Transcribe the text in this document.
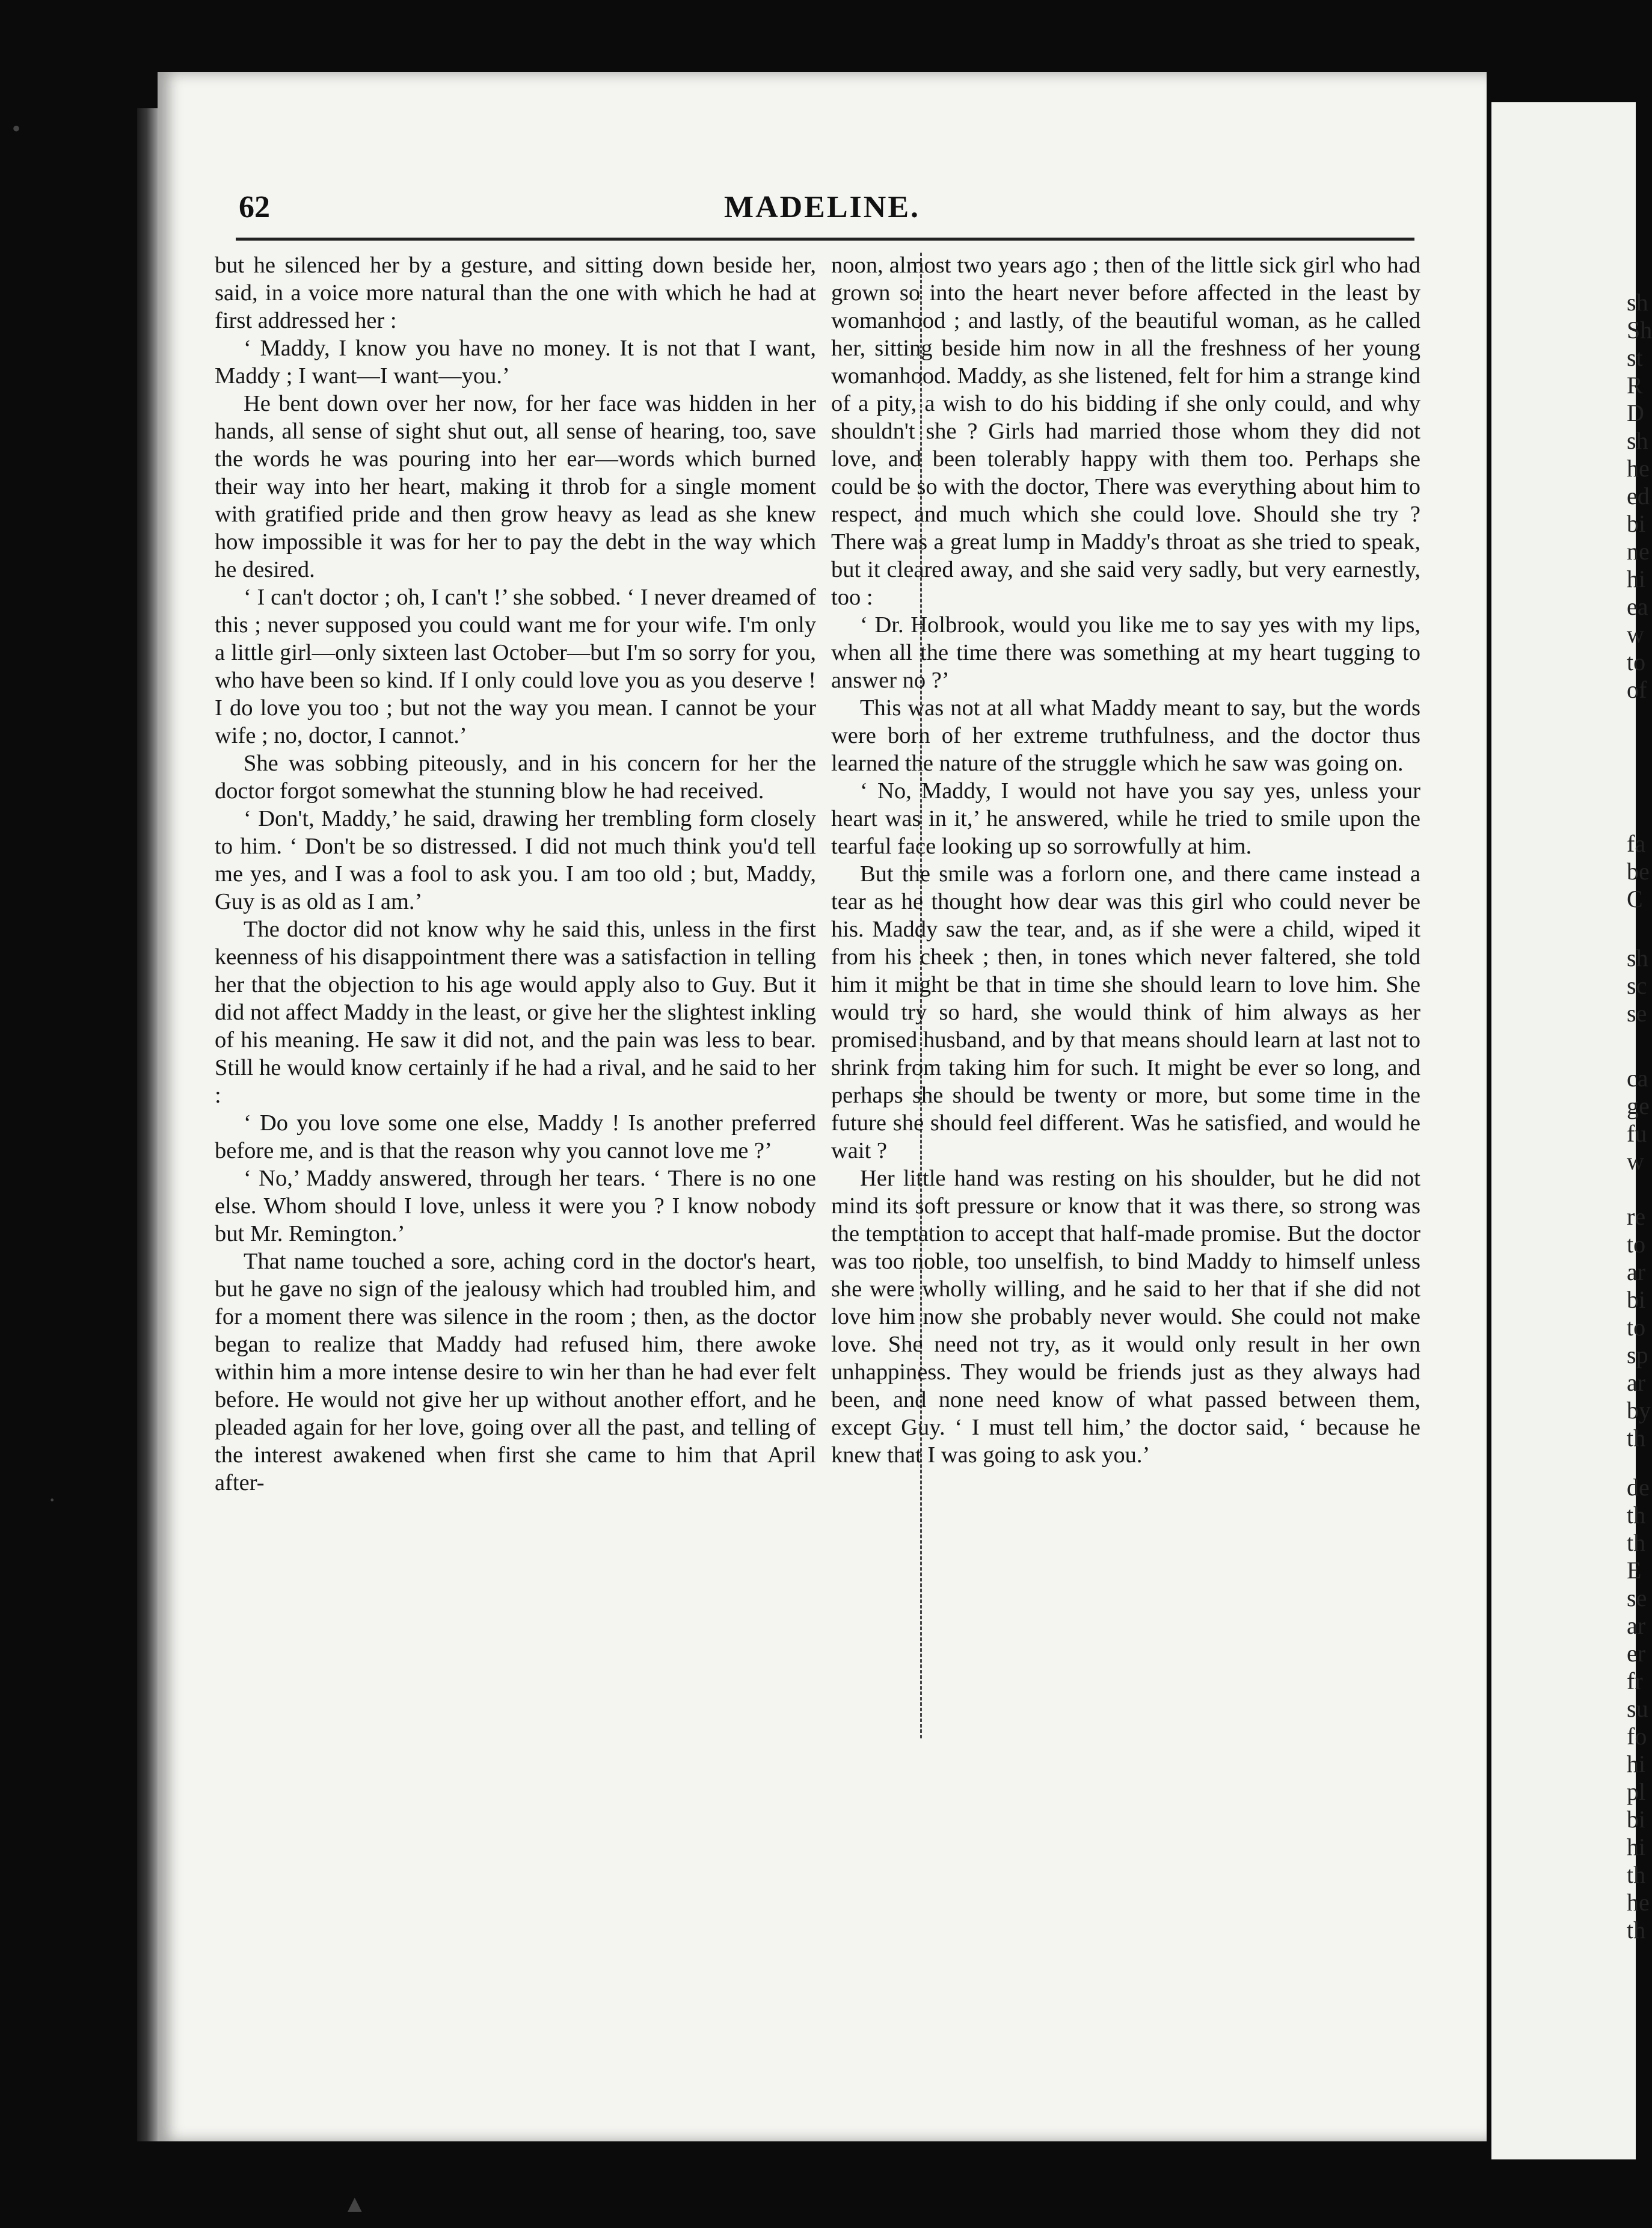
62	MADELINE.

but he silenced her by a gesture, and sitting down beside her, said, in a voice more natural than the one with which he had at first addressed her :

‘ Maddy, I know you have no money. It is not that I want, Maddy ; I want—I want—you.’

He bent down over her now, for her face was hidden in her hands, all sense of sight shut out, all sense of hearing, too, save the words he was pouring into her ear—words which burned their way into her heart, making it throb for a single moment with gratified pride and then grow heavy as lead as she knew how impossible it was for her to pay the debt in the way which he desired.

‘ I can't doctor ; oh, I can't !’ she sobbed. ‘ I never dreamed of this ; never supposed you could want me for your wife. I'm only a little girl—only sixteen last October—but I'm so sorry for you, who have been so kind. If I only could love you as you deserve ! I do love you too ; but not the way you mean. I cannot be your wife ; no, doctor, I cannot.’

She was sobbing piteously, and in his concern for her the doctor forgot somewhat the stunning blow he had received.

‘ Don't, Maddy,’ he said, drawing her trembling form closely to him. ‘ Don't be so distressed. I did not much think you'd tell me yes, and I was a fool to ask you. I am too old ; but, Maddy, Guy is as old as I am.’

The doctor did not know why he said this, unless in the first keenness of his disappointment there was a satisfaction in telling her that the objection to his age would apply also to Guy. But it did not affect Maddy in the least, or give her the slightest inkling of his meaning. He saw it did not, and the pain was less to bear. Still he would know certainly if he had a rival, and he said to her :

‘ Do you love some one else, Maddy ! Is another preferred before me, and is that the reason why you cannot love me ?’

‘ No,’ Maddy answered, through her tears. ‘ There is no one else. Whom should I love, unless it were you ? I know nobody but Mr. Remington.’

That name touched a sore, aching cord in the doctor's heart, but he gave no sign of the jealousy which had troubled him, and for a moment there was silence in the room ; then, as the doctor began to realize that Maddy had refused him, there awoke within him a more intense desire to win her than he had ever felt before. He would not give her up without another effort, and he pleaded again for her love, going over all the past, and telling of the interest awakened when first she came to him that April after-

noon, almost two years ago ; then of the little sick girl who had grown so into the heart never before affected in the least by womanhood ; and lastly, of the beautiful woman, as he called her, sitting beside him now in all the freshness of her young womanhood. Maddy, as she listened, felt for him a strange kind of a pity, a wish to do his bidding if she only could, and why shouldn't she ? Girls had married those whom they did not love, and been tolerably happy with them too. Perhaps she could be so with the doctor, There was everything about him to respect, and much which she could love. Should she try ? There was a great lump in Maddy's throat as she tried to speak, but it cleared away, and she said very sadly, but very earnestly, too :

‘ Dr. Holbrook, would you like me to say yes with my lips, when all the time there was something at my heart tugging to answer no ?’

This was not at all what Maddy meant to say, but the words were born of her extreme truthfulness, and the doctor thus learned the nature of the struggle which he saw was going on.

‘ No, Maddy, I would not have you say yes, unless your heart was in it,’ he answered, while he tried to smile upon the tearful face looking up so sorrowfully at him.

But the smile was a forlorn one, and there came instead a tear as he thought how dear was this girl who could never be his. Maddy saw the tear, and, as if she were a child, wiped it from his cheek ; then, in tones which never faltered, she told him it might be that in time she should learn to love him. She would try so hard, she would think of him always as her promised husband, and by that means should learn at last not to shrink from taking him for such. It might be ever so long, and perhaps she should be twenty or more, but some time in the future she should feel different. Was he satisfied, and would he wait ?

Her little hand was resting on his shoulder, but he did not mind its soft pressure or know that it was there, so strong was the temptation to accept that half-made promise. But the doctor was too noble, too unselfish, to bind Maddy to himself unless she were wholly willing, and he said to her that if she did not love him now she probably never would. She could not make love. She need not try, as it would only result in her own unhappiness. They would be friends just as they always had been, and none need know of what passed between them, except Guy. ‘ I must tell him,’ the doctor said, ‘ because he knew that I was going to ask you.’

sh
Sh
st
R
D
sh
he
ed
bi
ne
hi
ea
w
to
of
fa
be
C
sh
sc
se
ca
ge
fu
w
re
to
ar
bi
to
sp
ar
by
th
de
th
th
E
se
ar
er
fr
su
fo
hi
pl
bi
hi
th
he
th
•
·
▲
